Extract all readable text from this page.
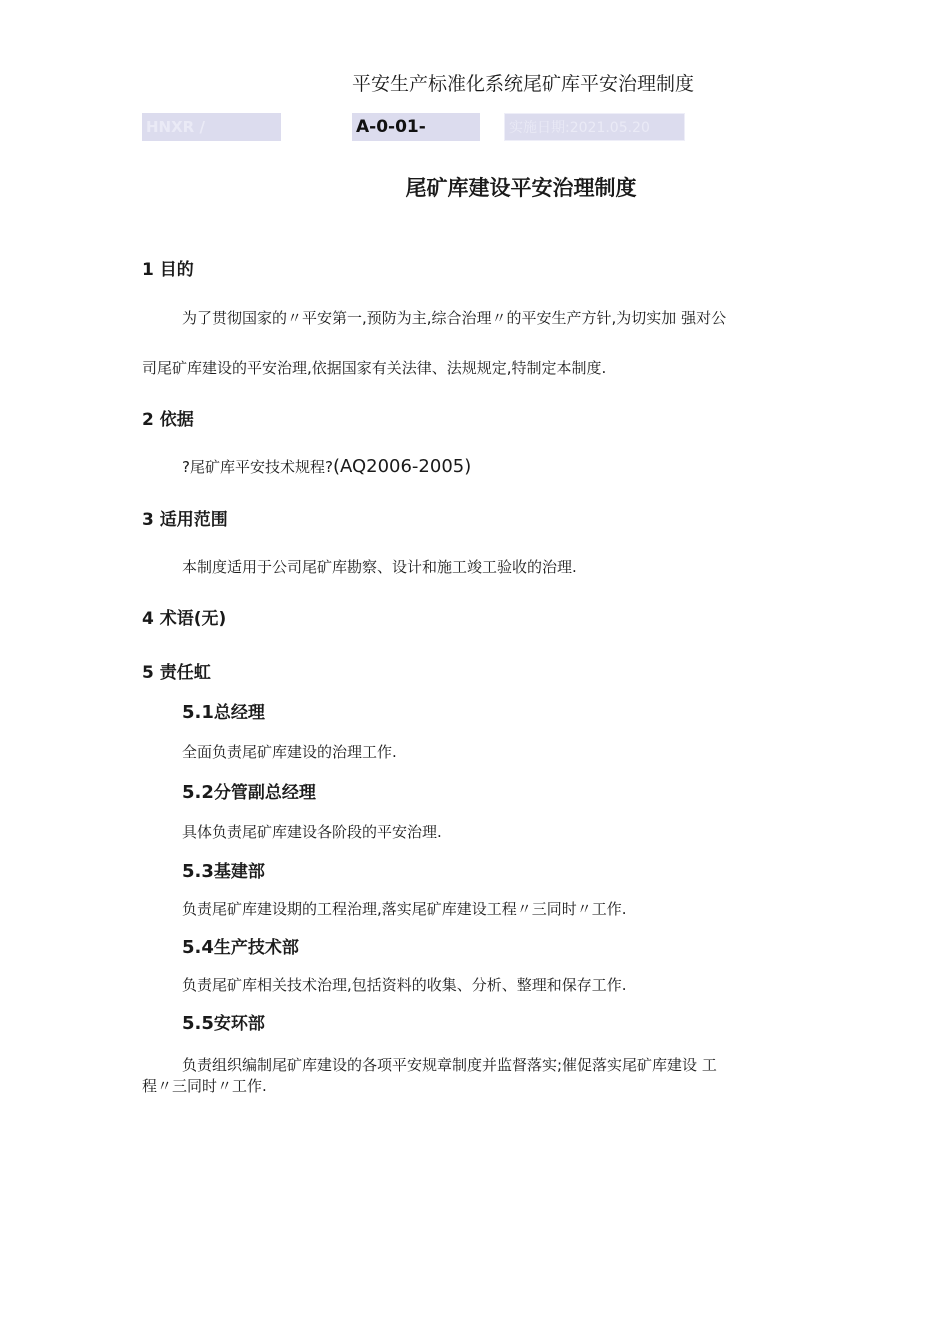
平安生产标准化系统尾矿库平安治理制度
HNXR /	A-0-01-	实施日期:2021.05.20
尾矿库建设平安治理制度
1 目的
为了贯彻国家的〃平安第一,预防为主,综合治理〃的平安生产方针,为切实加 强对公
司尾矿库建设的平安治理,依据国家有关法律、法规规定,特制定本制度.
2 依据
?尾矿库平安技术规程?(AQ2006-2005)
3 适用范围
本制度适用于公司尾矿库勘察、设计和施工竣工验收的治理.
4 术语(无)
5 责任虹
5.1总经理
全面负责尾矿库建设的治理工作.
5.2分管副总经理
具体负责尾矿库建设各阶段的平安治理.
5.3基建部
负责尾矿库建设期的工程治理,落实尾矿库建设工程〃三同时〃工作.
5.4生产技术部
负责尾矿库相关技术治理,包括资料的收集、分析、整理和保存工作.
5.5安环部
负责组织编制尾矿库建设的各项平安规章制度并监督落实;催促落实尾矿库建设 工
程〃三同时〃工作.
